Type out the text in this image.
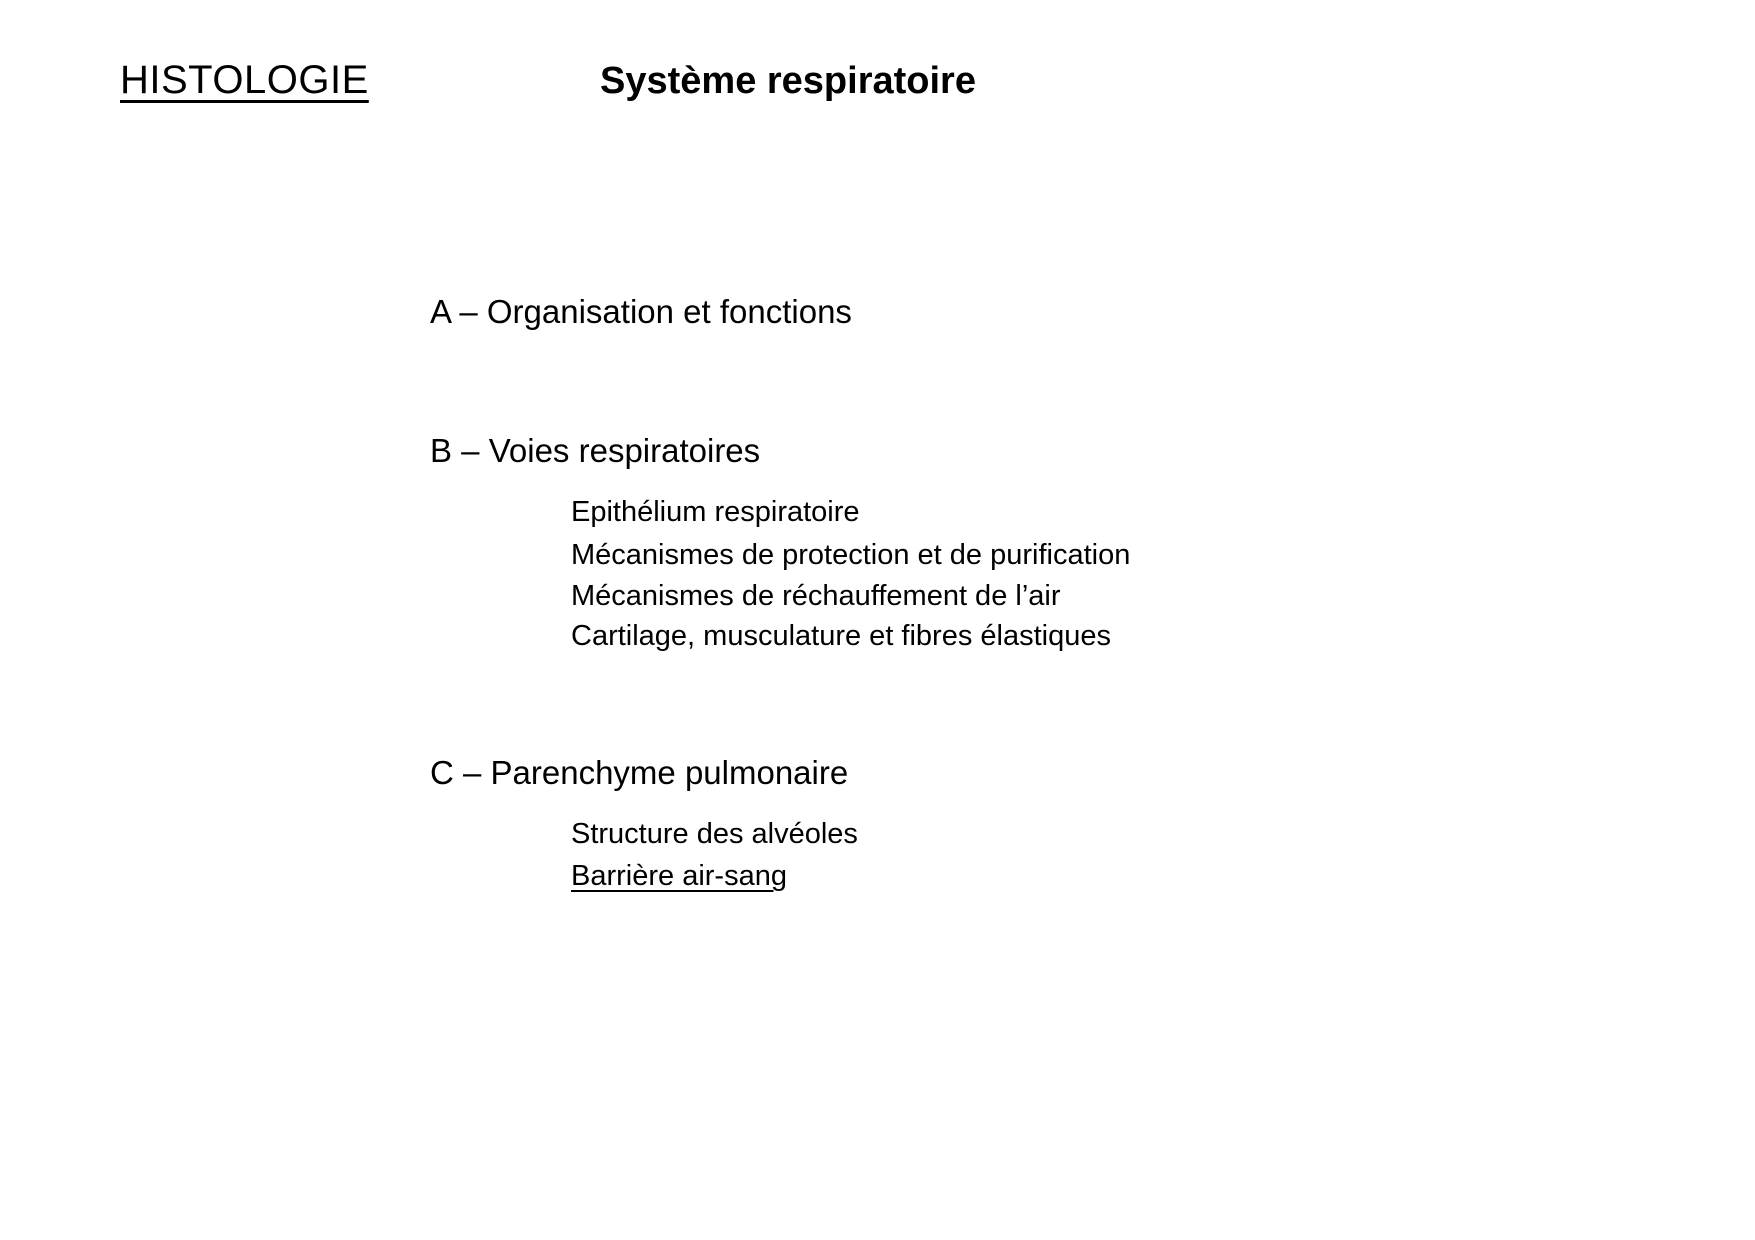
HISTOLOGIE	Système respiratoire
A – Organisation et fonctions
B – Voies respiratoires
Epithélium respiratoire
Mécanismes de protection et de purification
Mécanismes de réchauffement de l’air
Cartilage, musculature et fibres élastiques
C – Parenchyme pulmonaire
Structure des alvéoles
Barrière air-sang
